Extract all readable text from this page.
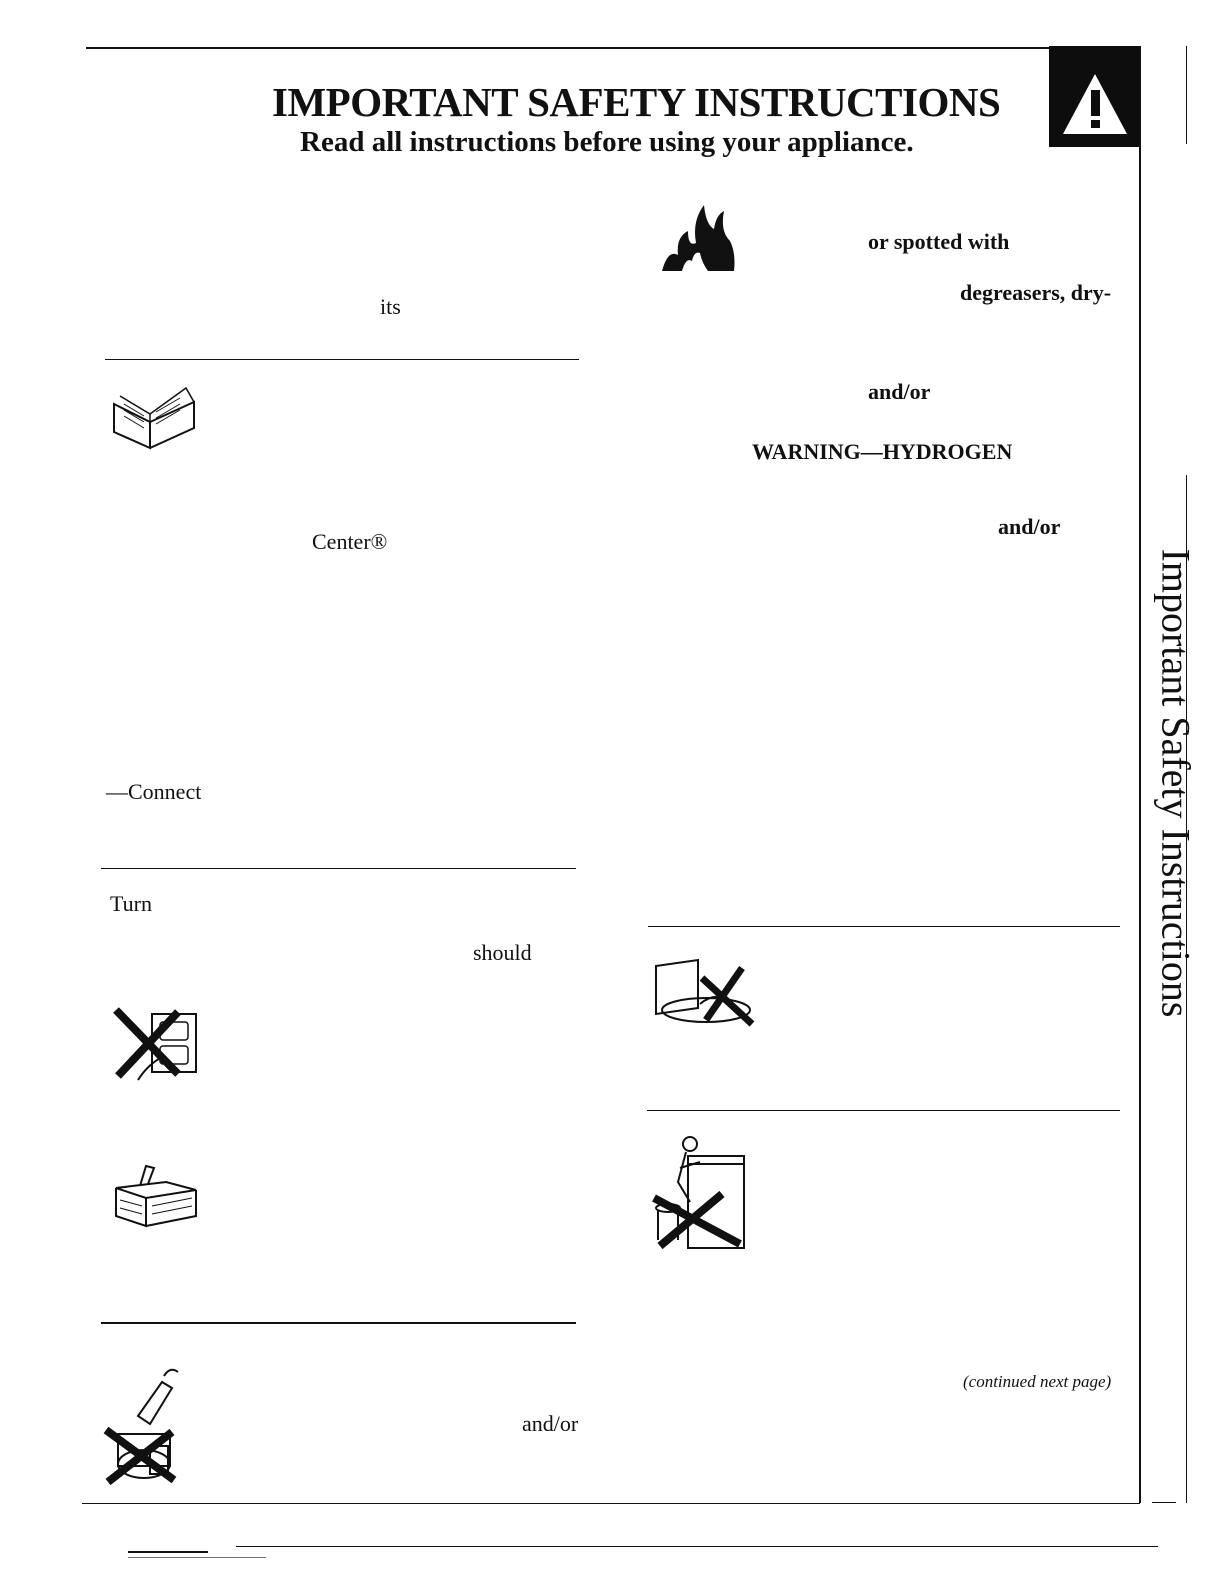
IMPORTANT SAFETY INSTRUCTIONS
Read all instructions before using your appliance.
Important Safety Instructions
its
Center®
—Connect
Turn
should
and/or
or spotted with
degreasers, dry-
and/or
WARNING—HYDROGEN
and/or
(continued next page)
